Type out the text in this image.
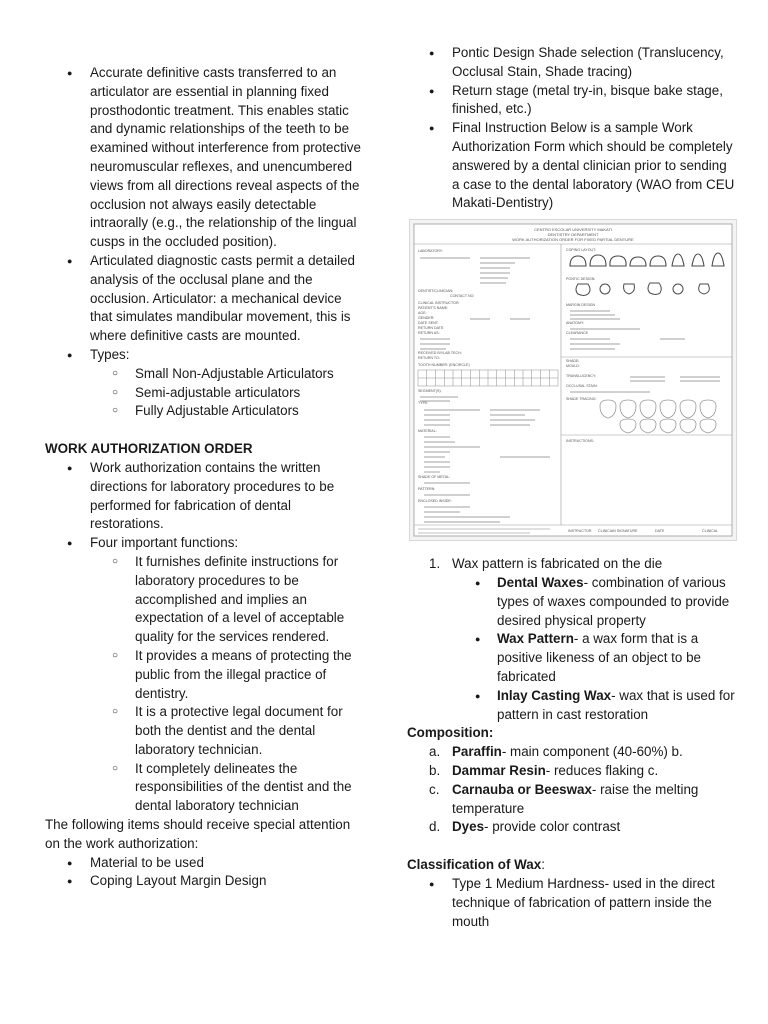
● Accurate definitive casts transferred to an articulator are essential in planning fixed prosthodontic treatment. This enables static and dynamic relationships of the teeth to be examined without interference from protective neuromuscular reflexes, and unencumbered views from all directions reveal aspects of the occlusion not always easily detectable intraorally (e.g., the relationship of the lingual cusps in the occluded position).
● Articulated diagnostic casts permit a detailed analysis of the occlusal plane and the occlusion. Articulator: a mechanical device that simulates mandibular movement, this is where definitive casts are mounted.
● Types:
○ Small Non-Adjustable Articulators
○ Semi-adjustable articulators
○ Fully Adjustable Articulators
WORK AUTHORIZATION ORDER
● Work authorization contains the written directions for laboratory procedures to be performed for fabrication of dental restorations.
● Four important functions:
○ It furnishes definite instructions for laboratory procedures to be accomplished and implies an expectation of a level of acceptable quality for the services rendered.
○ It provides a means of protecting the public from the illegal practice of dentistry.
○ It is a protective legal document for both the dentist and the dental laboratory technician.
○ It completely delineates the responsibilities of the dentist and the dental laboratory technician

The following items should receive special attention on the work authorization:

● Material to be used
● Coping Layout Margin Design
● Pontic Design Shade selection (Translucency, Occlusal Stain, Shade tracing)
● Return stage (metal try-in, bisque bake stage, finished, etc.)
● Final Instruction Below is a sample Work Authorization Form which should be completely answered by a dental clinician prior to sending a case to the dental laboratory (WAO from CEU Makati-Dentistry)
CENTRO ESCOLAR UNIVERSITY MAKATI
DENTISTRY DEPARTMENT
WORK AUTHORIZATION ORDER FOR FIXED PARTIAL DENTURE
LABORATORY:
DENTIST/CLINICIAN:
CONTACT NO:
CLINICAL INSTRUCTOR:
PATIENT'S NAME:
AGE:
GENDER:
DATE SENT:
RETURN DATE:
RETURN AS:
RECEIVED BY/LAB TECH:
RETURN TO:
TOOTH NUMBER: (ENCIRCLE)
SEGMENT(S):
TYPE:
MATERIAL:
SHADE OF METAL:
PATTERN:
ENCLOSED INSIDE:
COPING LAYOUT:
PONTIC DESIGN:
MARGIN DESIGN
ANATOMY:
CLEARANCE
SHADE:
MOULD:
TRANSLUCENCY:
OCCLUSAL STAIN:
SHADE TRACING:
INSTRUCTIONS:
INSTRUCTOR CLINICIAN SIGNATURE	DATE	CLINICAL
1. Wax pattern is fabricated on the die
● Dental Waxes- combination of various types of waxes compounded to provide desired physical property
● Wax Pattern- a wax form that is a positive likeness of an object to be fabricated
● Inlay Casting Wax- wax that is used for pattern in cast restoration
Composition:
a. Paraffin- main component (40-60%) b.
b. Dammar Resin- reduces flaking c.
c. Carnauba or Beeswax- raise the melting temperature
d. Dyes- provide color contrast
Classification of Wax:
● Type 1 Medium Hardness- used in the direct technique of fabrication of pattern inside the mouth
